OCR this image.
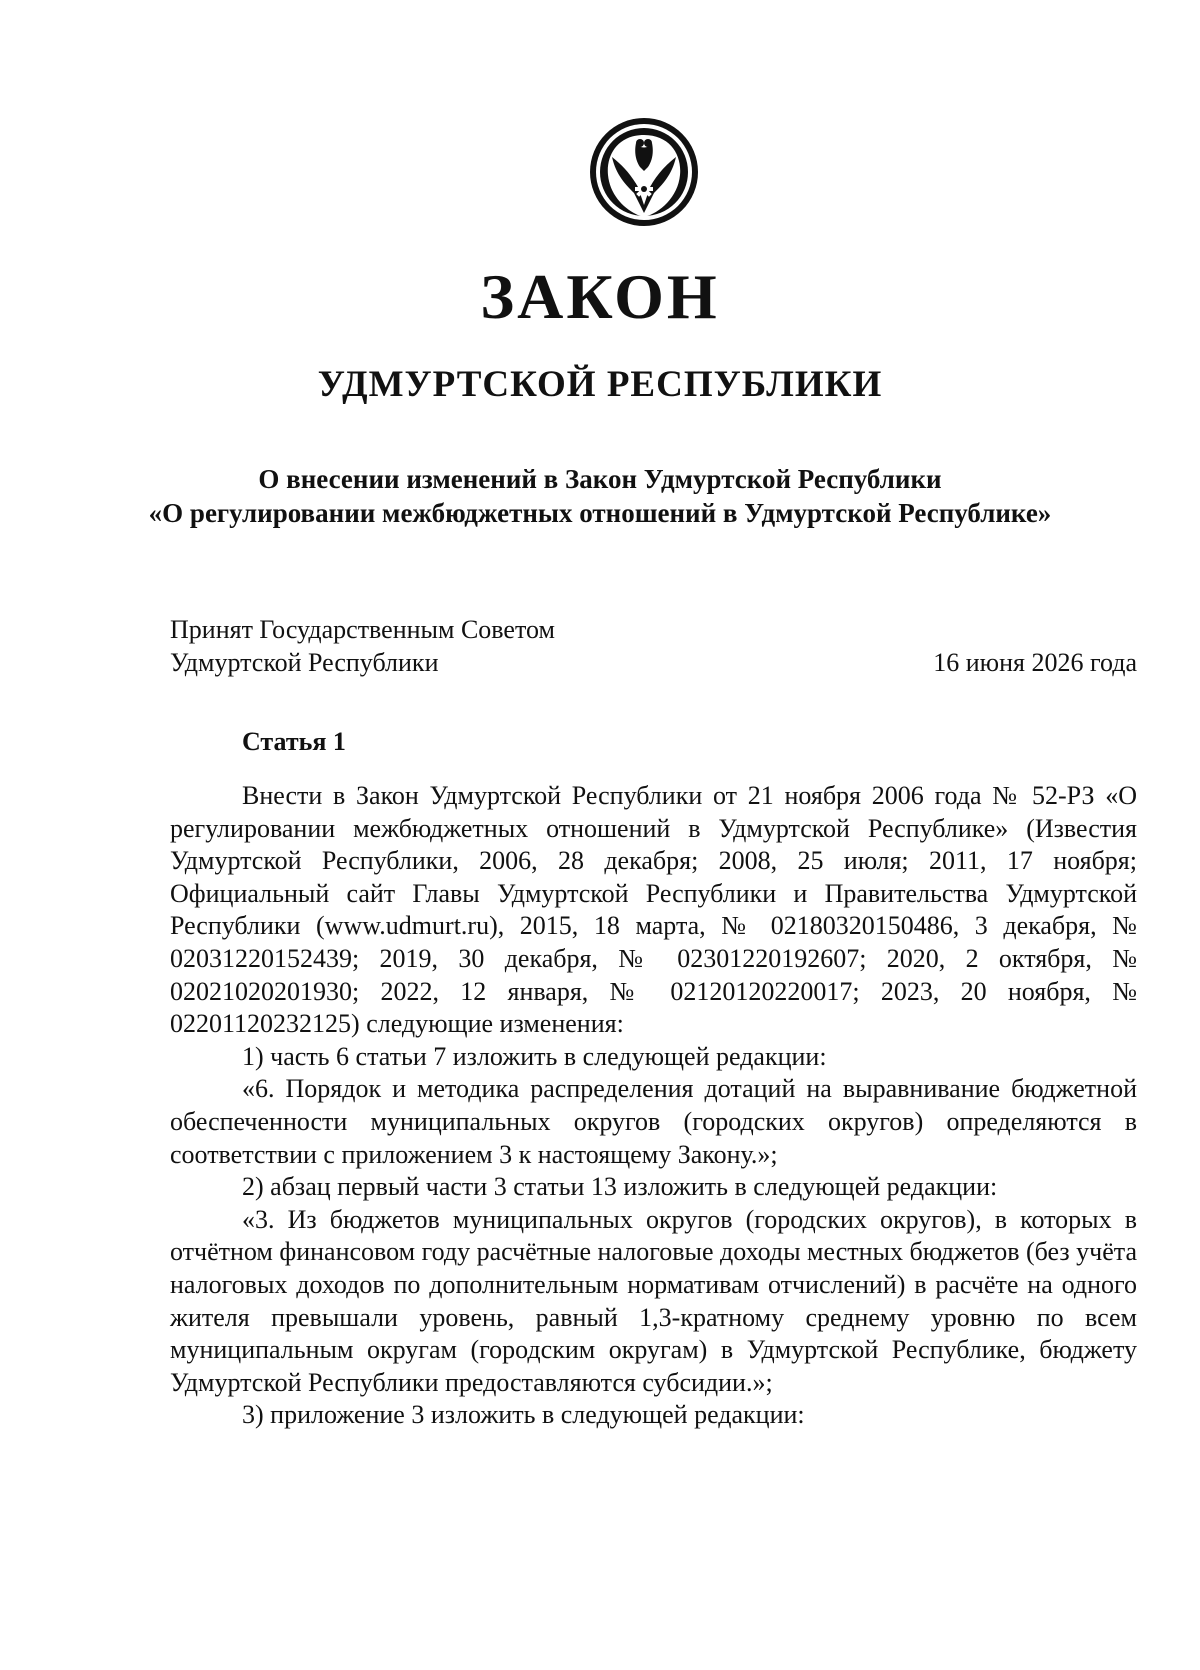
ЗАКОН
УДМУРТСКОЙ РЕСПУБЛИКИ
О внесении изменений в Закон Удмуртской Республики
«О регулировании межбюджетных отношений в Удмуртской Республике»
Принят Государственным Советом
Удмуртской Республики	16 июня 2026 года
Статья 1

Внести в Закон Удмуртской Республики от 21 ноября 2006 года № 52-РЗ «О регулировании межбюджетных отношений в Удмуртской Республике» (Известия Удмуртской Республики, 2006, 28 декабря; 2008, 25 июля; 2011, 17 ноября; Официальный сайт Главы Удмуртской Республики и Правительства Удмуртской Республики (www.udmurt.ru), 2015, 18 марта, № 02180320150486, 3 декабря, № 02031220152439; 2019, 30 декабря, № 02301220192607; 2020, 2 октября, № 02021020201930; 2022, 12 января, № 02120120220017; 2023, 20 ноября, № 02201120232125) следующие изменения:

1) часть 6 статьи 7 изложить в следующей редакции:

«6. Порядок и методика распределения дотаций на выравнивание бюджетной обеспеченности муниципальных округов (городских округов) определяются в соответствии с приложением 3 к настоящему Закону.»;

2) абзац первый части 3 статьи 13 изложить в следующей редакции:

«3. Из бюджетов муниципальных округов (городских округов), в которых в отчётном финансовом году расчётные налоговые доходы местных бюджетов (без учёта налоговых доходов по дополнительным нормативам отчислений) в расчёте на одного жителя превышали уровень, равный 1,3-кратному среднему уровню по всем муниципальным округам (городским округам) в Удмуртской Республике, бюджету Удмуртской Республики предоставляются субсидии.»;

3) приложение 3 изложить в следующей редакции:
